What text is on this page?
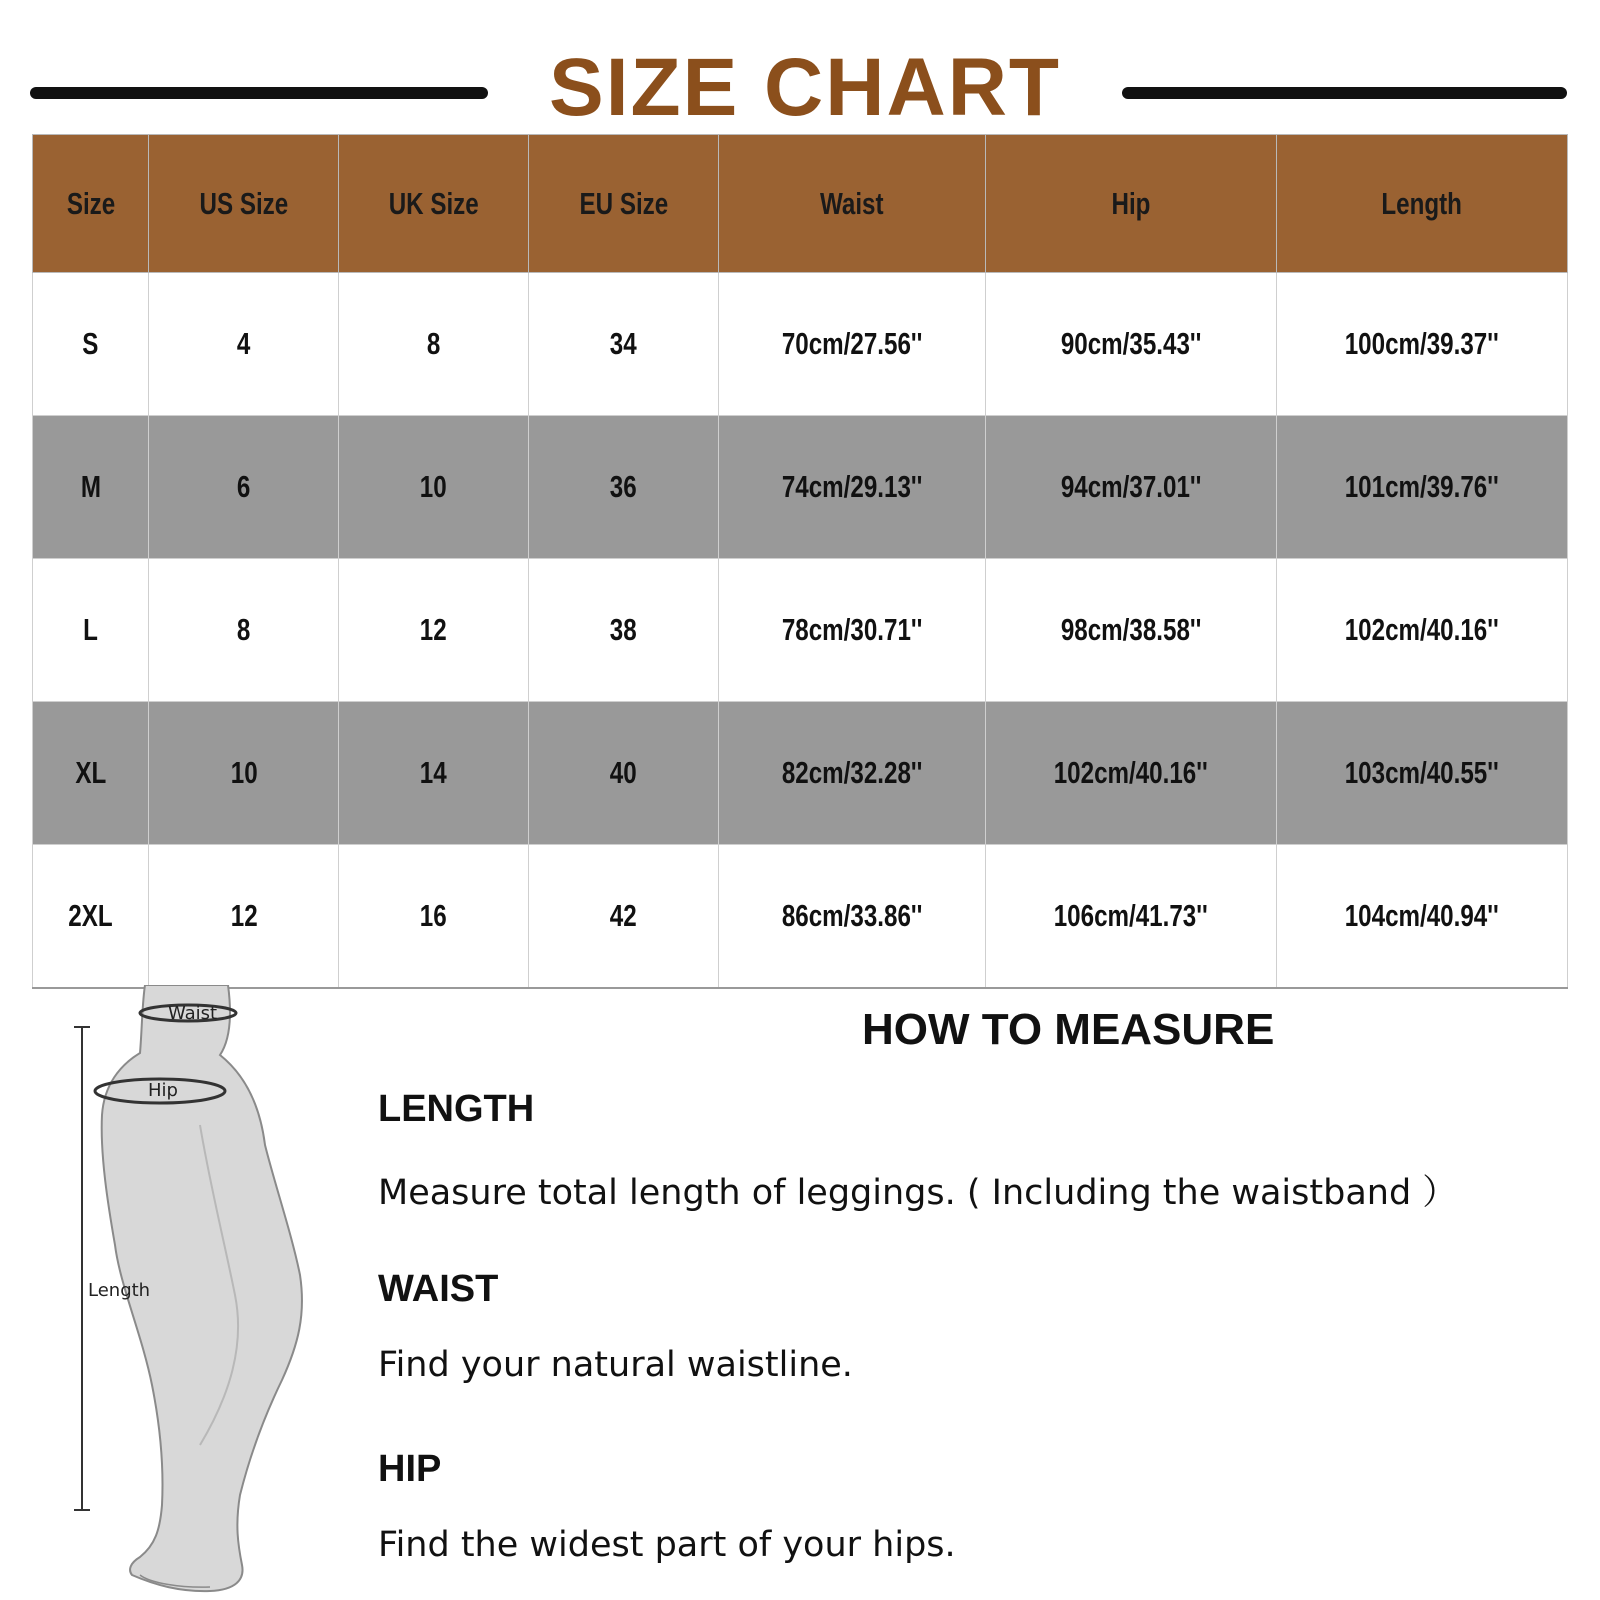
SIZE CHART
Size	US Size	UK Size	EU Size	Waist	Hip	Length
S	4	8	34	70cm/27.56''	90cm/35.43''	100cm/39.37''
M	6	10	36	74cm/29.13''	94cm/37.01''	101cm/39.76''
L	8	12	38	78cm/30.71''	98cm/38.58''	102cm/40.16''
XL	10	14	40	82cm/32.28''	102cm/40.16''	103cm/40.55''
2XL	12	16	42	86cm/33.86''	106cm/41.73''	104cm/40.94''
Waist
Hip
Length
HOW TO MEASURE
LENGTH
Measure total length of leggings. ( Including the waistband ）
WAIST
Find your natural waistline.
HIP
Find the widest part of your hips.
